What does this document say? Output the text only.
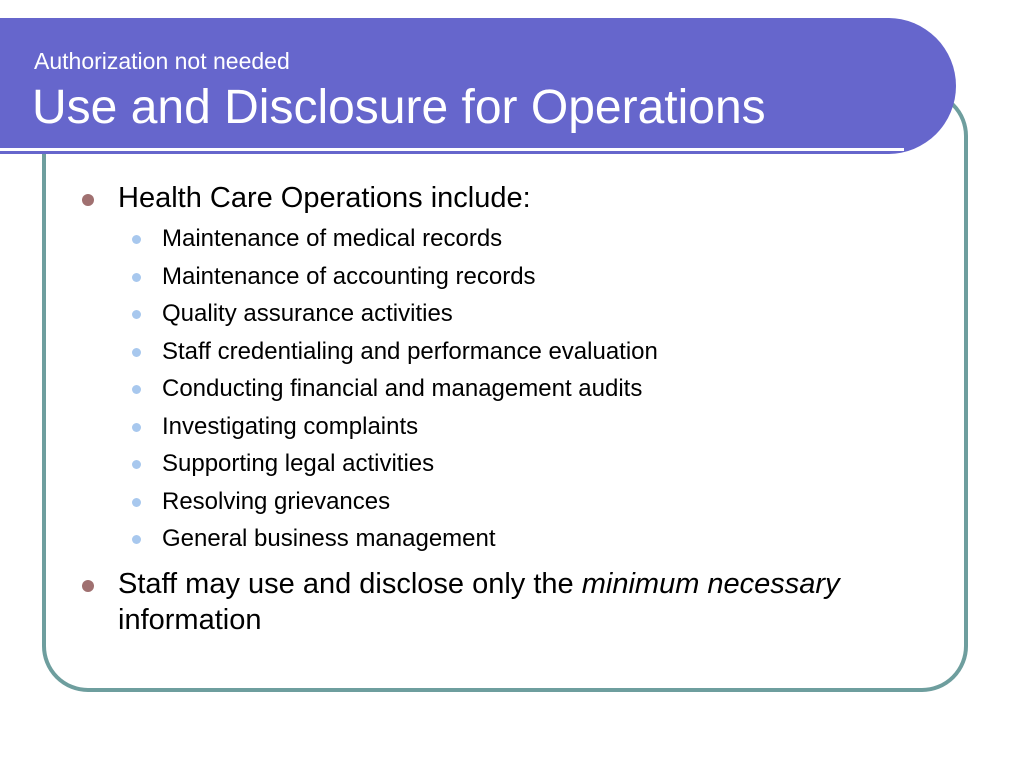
Authorization not needed
Use and Disclosure for Operations
Health Care Operations include:
Maintenance of medical records
Maintenance of accounting records
Quality assurance activities
Staff credentialing and performance evaluation
Conducting financial and management audits
Investigating complaints
Supporting legal activities
Resolving grievances
General business management
Staff may use and disclose only the minimum necessary information
